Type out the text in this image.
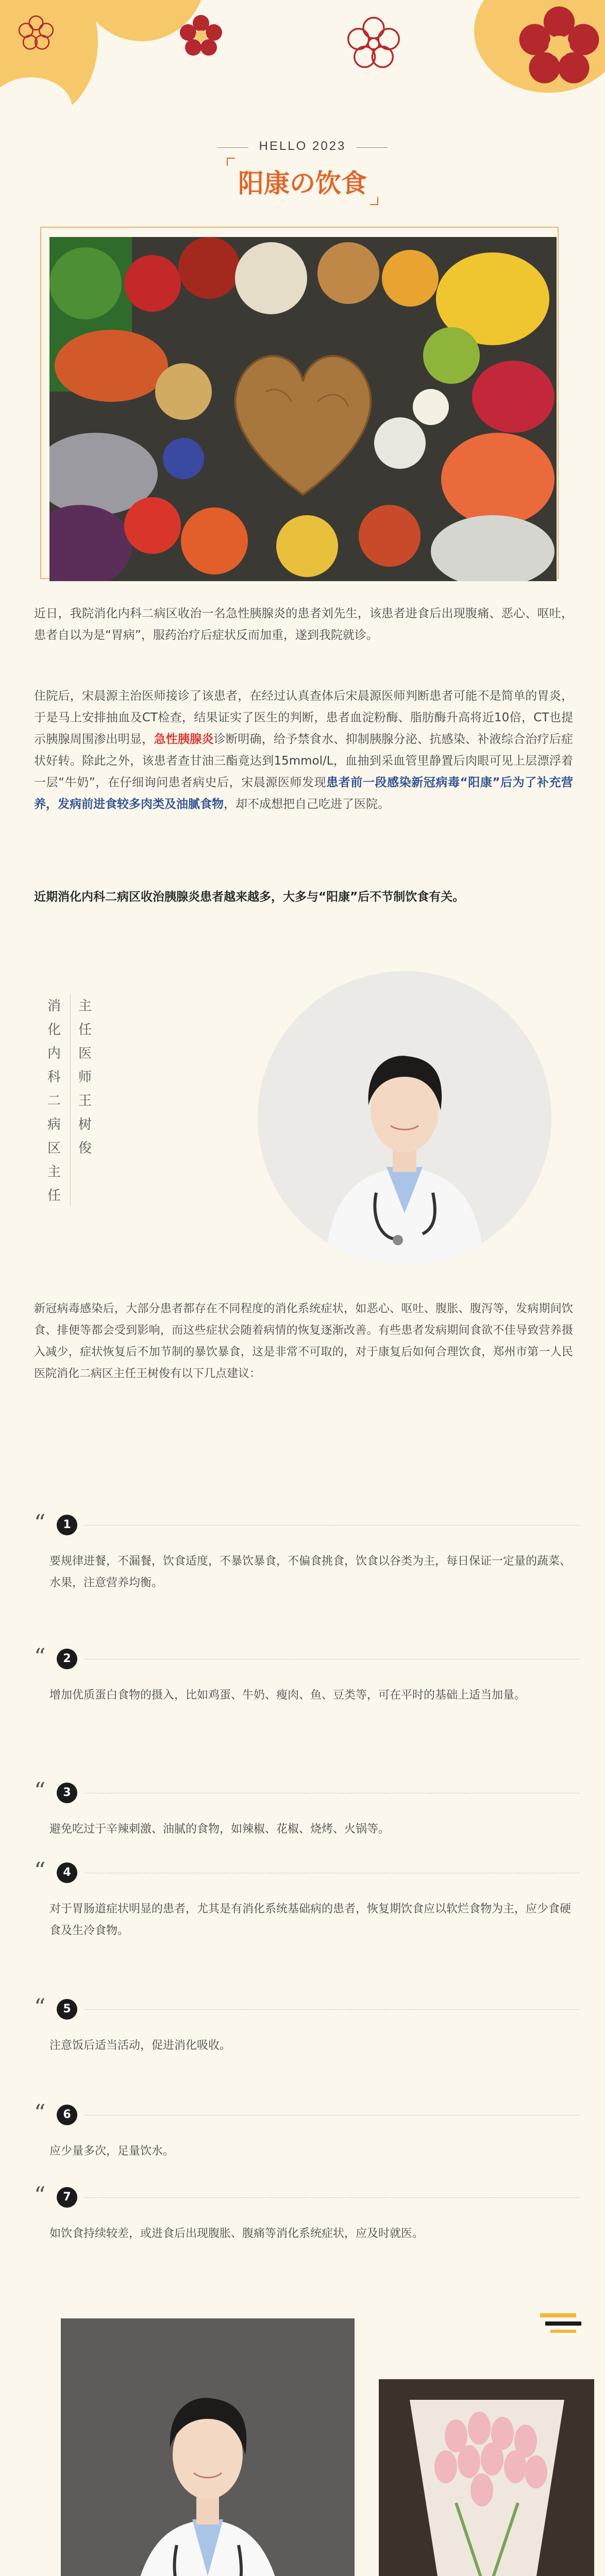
HELLO 2023
阳康の饮食

近日，我院消化内科二病区收治一名急性胰腺炎的患者刘先生，该患者进食后出现腹痛、恶心、呕吐，患者自以为是“胃病”，服药治疗后症状反而加重，遂到我院就诊。

住院后，宋晨源主治医师接诊了该患者，在经过认真查体后宋晨源医师判断患者可能不是简单的胃炎，于是马上安排抽血及CT检查，结果证实了医生的判断，患者血淀粉酶、脂肪酶升高将近10倍，CT也提示胰腺周围渗出明显，急性胰腺炎诊断明确，给予禁食水、抑制胰腺分泌、抗感染、补液综合治疗后症状好转。除此之外，该患者查甘油三酯竟达到15mmol/L，血抽到采血管里静置后肉眼可见上层漂浮着一层“牛奶”，在仔细询问患者病史后，宋晨源医师发现患者前一段感染新冠病毒“阳康”后为了补充营养，发病前进食较多肉类及油腻食物，却不成想把自己吃进了医院。

近期消化内科二病区收治胰腺炎患者越来越多，大多与“阳康”后不节制饮食有关。

消化内科二病区主任
主任医师王树俊

新冠病毒感染后，大部分患者都存在不同程度的消化系统症状，如恶心、呕吐、腹胀、腹泻等，发病期间饮食、排便等都会受到影响，而这些症状会随着病情的恢复逐渐改善。有些患者发病期间食欲不佳导致营养摄入减少，症状恢复后不加节制的暴饮暴食，这是非常不可取的，对于康复后如何合理饮食，郑州市第一人民医院消化二病区主任王树俊有以下几点建议：

“	1

要规律进餐，不漏餐，饮食适度，不暴饮暴食，不偏食挑食，饮食以谷类为主，每日保证一定量的蔬菜、水果，注意营养均衡。

“	2

增加优质蛋白食物的摄入，比如鸡蛋、牛奶、瘦肉、鱼、豆类等，可在平时的基础上适当加量。

“	3

避免吃过于辛辣刺激、油腻的食物，如辣椒、花椒、烧烤、火锅等。

“	4

对于胃肠道症状明显的患者，尤其是有消化系统基础病的患者，恢复期饮食应以软烂食物为主，应少食硬食及生冷食物。

“	5

注意饭后适当活动，促进消化吸收。

“	6

应少量多次，足量饮水。

“	7

如饮食持续较差，或进食后出现腹胀、腹痛等消化系统症状，应及时就医。
